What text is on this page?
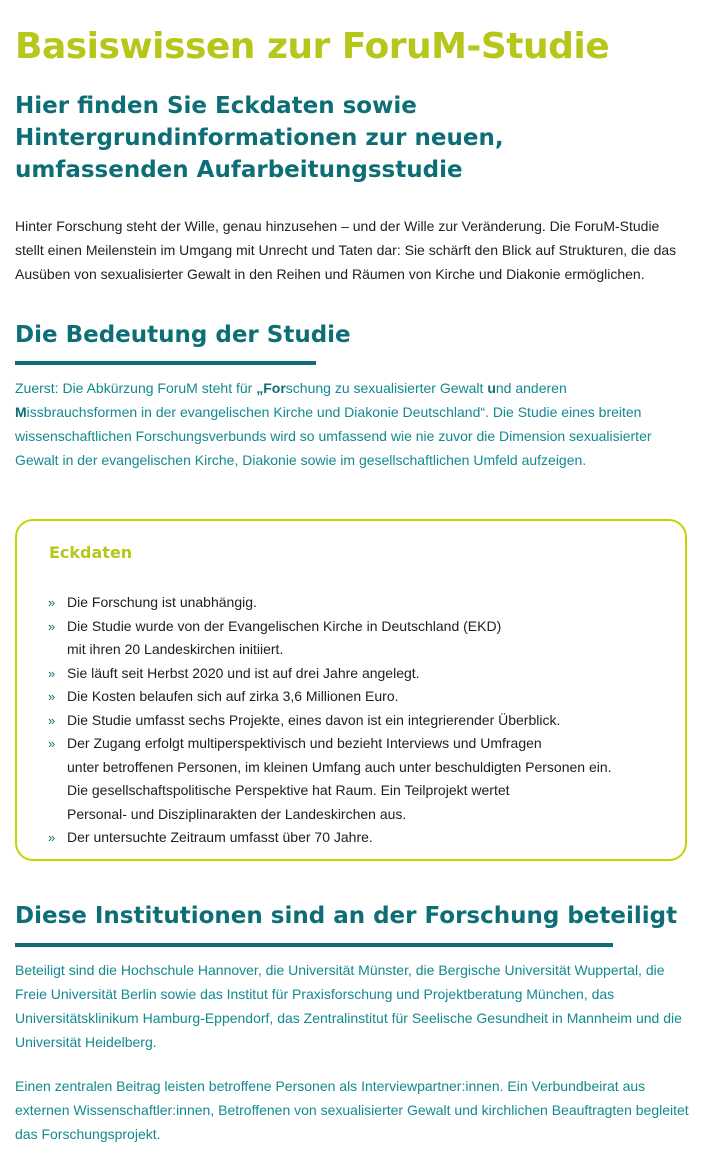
Basiswissen zur ForuM-Studie
Hier finden Sie Eckdaten sowie Hintergrundinformationen zur neuen, umfassenden Aufarbeitungsstudie

Hinter Forschung steht der Wille, genau hinzusehen – und der Wille zur Veränderung. Die ForuM-Studie stellt einen Meilenstein im Umgang mit Unrecht und Taten dar: Sie schärft den Blick auf Strukturen, die das Ausüben von sexualisierter Gewalt in den Reihen und Räumen von Kirche und Diakonie ermöglichen.

Die Bedeutung der Studie

Zuerst: Die Abkürzung ForuM steht für „Forschung zu sexualisierter Gewalt und anderen Missbrauchsformen in der evangelischen Kirche und Diakonie Deutschland“. Die Studie eines breiten wissenschaftlichen Forschungsverbunds wird so umfassend wie nie zuvor die Dimension sexualisierter Gewalt in der evangelischen Kirche, Diakonie sowie im gesellschaftlichen Umfeld aufzeigen.

Eckdaten
» Die Forschung ist unabhängig.
» Die Studie wurde von der Evangelischen Kirche in Deutschland (EKD)
mit ihren 20 Landeskirchen initiiert.
» Sie läuft seit Herbst 2020 und ist auf drei Jahre angelegt.
» Die Kosten belaufen sich auf zirka 3,6 Millionen Euro.
» Die Studie umfasst sechs Projekte, eines davon ist ein integrierender Überblick.
» Der Zugang erfolgt multiperspektivisch und bezieht Interviews und Umfragen
unter betroffenen Personen, im kleinen Umfang auch unter beschuldigten Personen ein.
Die gesellschaftspolitische Perspektive hat Raum. Ein Teilprojekt wertet
Personal- und Disziplinarakten der Landeskirchen aus.
» Der untersuchte Zeitraum umfasst über 70 Jahre.
Diese Institutionen sind an der Forschung beteiligt

Beteiligt sind die Hochschule Hannover, die Universität Münster, die Bergische Universität Wuppertal, die Freie Universität Berlin sowie das Institut für Praxisforschung und Projektberatung München, das Universitätsklinikum Hamburg-Eppendorf, das Zentralinstitut für Seelische Gesundheit in Mannheim und die Universität Heidelberg.

Einen zentralen Beitrag leisten betroffene Personen als Interviewpartner:innen. Ein Verbundbeirat aus externen Wissenschaftler:innen, Betroffenen von sexualisierter Gewalt und kirchlichen Beauftragten begleitet das Forschungsprojekt.
